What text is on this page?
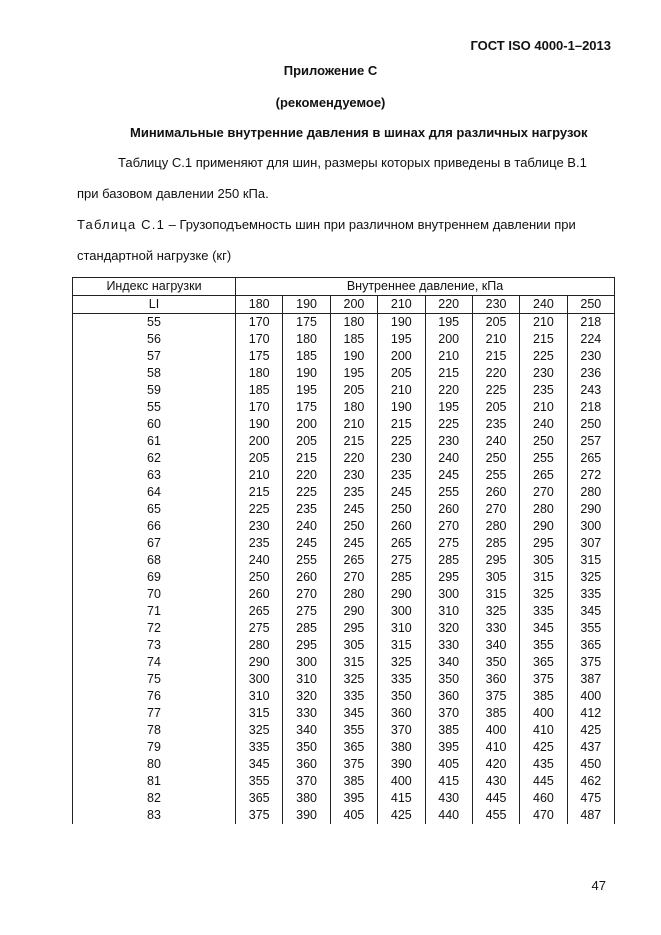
ГОСТ ISO 4000-1–2013
Приложение С
(рекомендуемое)
Минимальные внутренние давления в шинах для различных нагрузок
Таблицу С.1 применяют для шин, размеры которых приведены в таблице В.1
при базовом давлении 250 кПа.
Таблица С.1 – Грузоподъемность шин при различном внутреннем давлении при
стандартной нагрузке (кг)
Индекс нагрузки	Внутреннее давление, кПа							
LI	180	190	200	210	220	230	240	250
55	170	175	180	190	195	205	210	218
56	170	180	185	195	200	210	215	224
57	175	185	190	200	210	215	225	230
58	180	190	195	205	215	220	230	236
59	185	195	205	210	220	225	235	243
55	170	175	180	190	195	205	210	218
60	190	200	210	215	225	235	240	250
61	200	205	215	225	230	240	250	257
62	205	215	220	230	240	250	255	265
63	210	220	230	235	245	255	265	272
64	215	225	235	245	255	260	270	280
65	225	235	245	250	260	270	280	290
66	230	240	250	260	270	280	290	300
67	235	245	245	265	275	285	295	307
68	240	255	265	275	285	295	305	315
69	250	260	270	285	295	305	315	325
70	260	270	280	290	300	315	325	335
71	265	275	290	300	310	325	335	345
72	275	285	295	310	320	330	345	355
73	280	295	305	315	330	340	355	365
74	290	300	315	325	340	350	365	375
75	300	310	325	335	350	360	375	387
76	310	320	335	350	360	375	385	400
77	315	330	345	360	370	385	400	412
78	325	340	355	370	385	400	410	425
79	335	350	365	380	395	410	425	437
80	345	360	375	390	405	420	435	450
81	355	370	385	400	415	430	445	462
82	365	380	395	415	430	445	460	475
83	375	390	405	425	440	455	470	487
47
